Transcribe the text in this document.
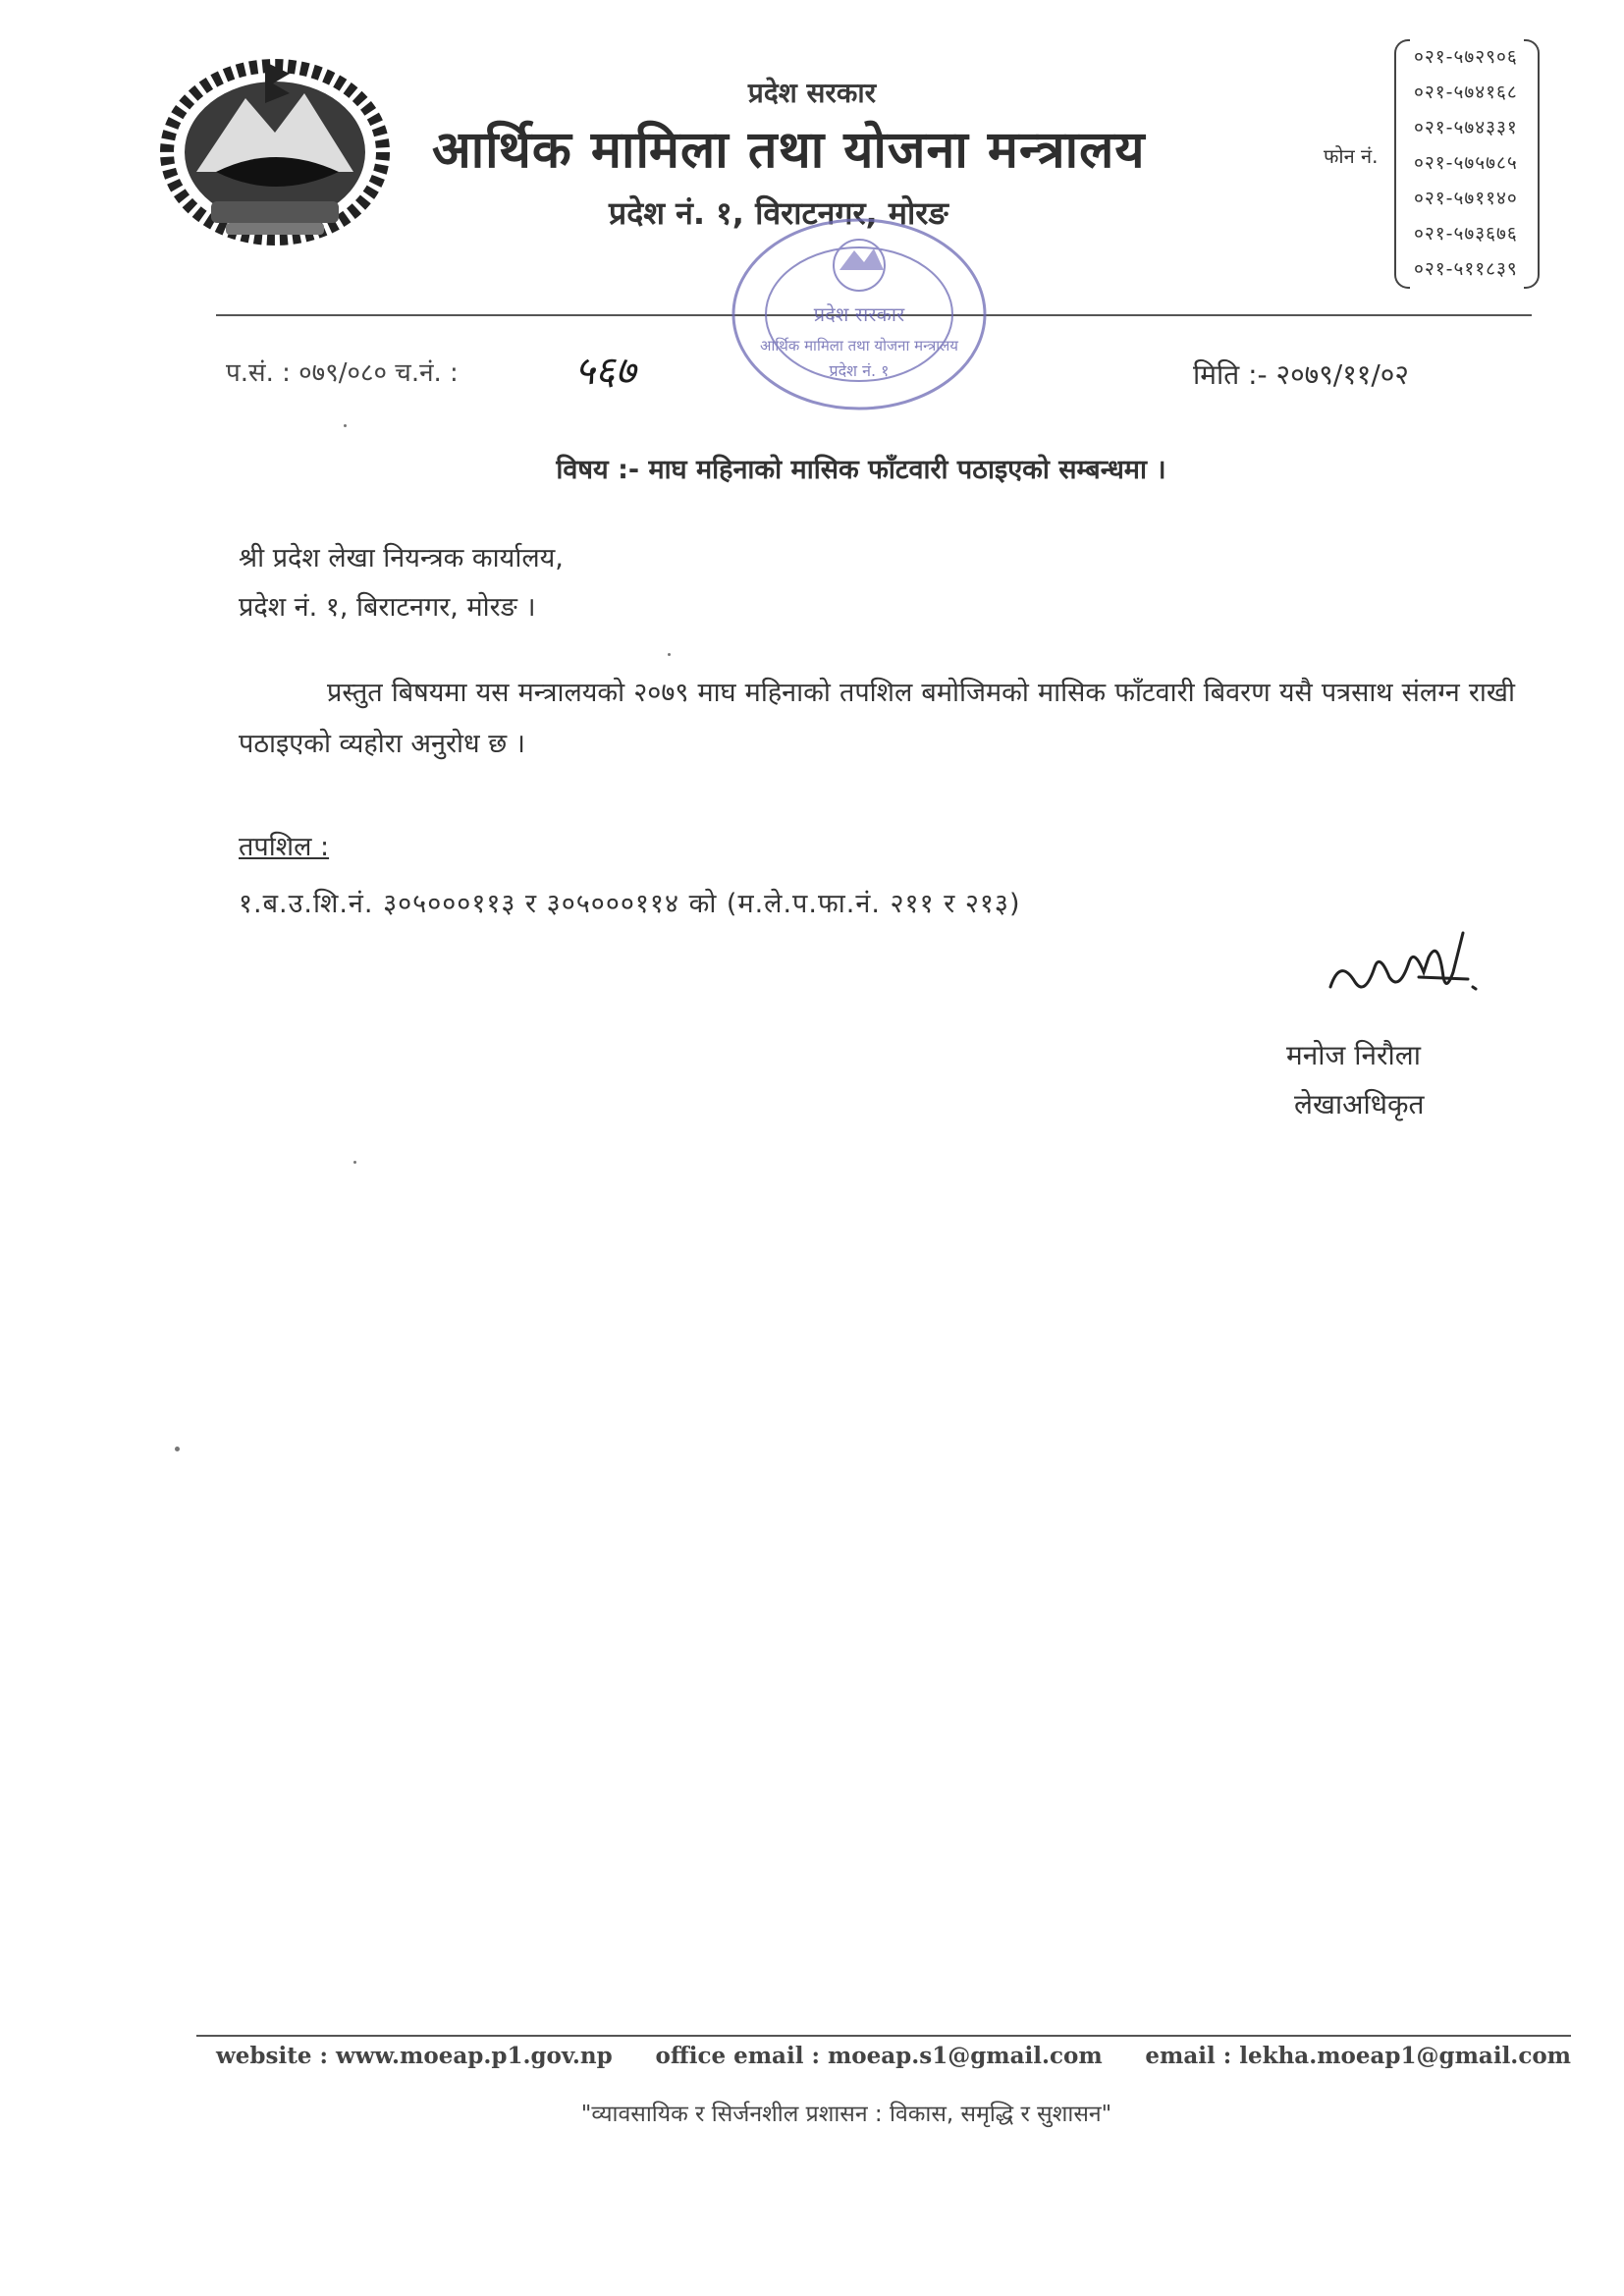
प्रदेश सरकार
आर्थिक मामिला तथा योजना मन्त्रालय
प्रदेश नं. १, विराटनगर, मोरङ
फोन नं.
०२१-५७२९०६
०२१-५७४१६८
०२१-५७४३३१
०२१-५७५७८५
०२१-५७११४०
०२१-५७३६७६
०२१-५११८३९
प्रदेश सरकार
आर्थिक मामिला तथा योजना मन्त्रालय
प्रदेश नं. १
प.सं. : ०७९/०८० च.नं. :	५६७	मिति :- २०७९/११/०२
विषय :- माघ महिनाको मासिक फाँटवारी पठाइएको सम्बन्धमा ।
श्री प्रदेश लेखा नियन्त्रक कार्यालय,
प्रदेश नं. १, बिराटनगर, मोरङ ।

प्रस्तुत बिषयमा यस मन्त्रालयको २०७९ माघ महिनाको तपशिल बमोजिमको मासिक फाँटवारी बिवरण यसै पत्रसाथ संलग्न राखी पठाइएको व्यहोरा अनुरोध छ ।

तपशिल :
१.ब.उ.शि.नं. ३०५०००११३ र ३०५०००११४ को (म.ले.प.फा.नं. २११ र २१३)
मनोज निरौला
लेखाअधिकृत
website : www.moeap.p1.gov.np office email : moeap.s1@gmail.com email : lekha.moeap1@gmail.com
"व्यावसायिक र सिर्जनशील प्रशासन : विकास, समृद्धि र सुशासन"
